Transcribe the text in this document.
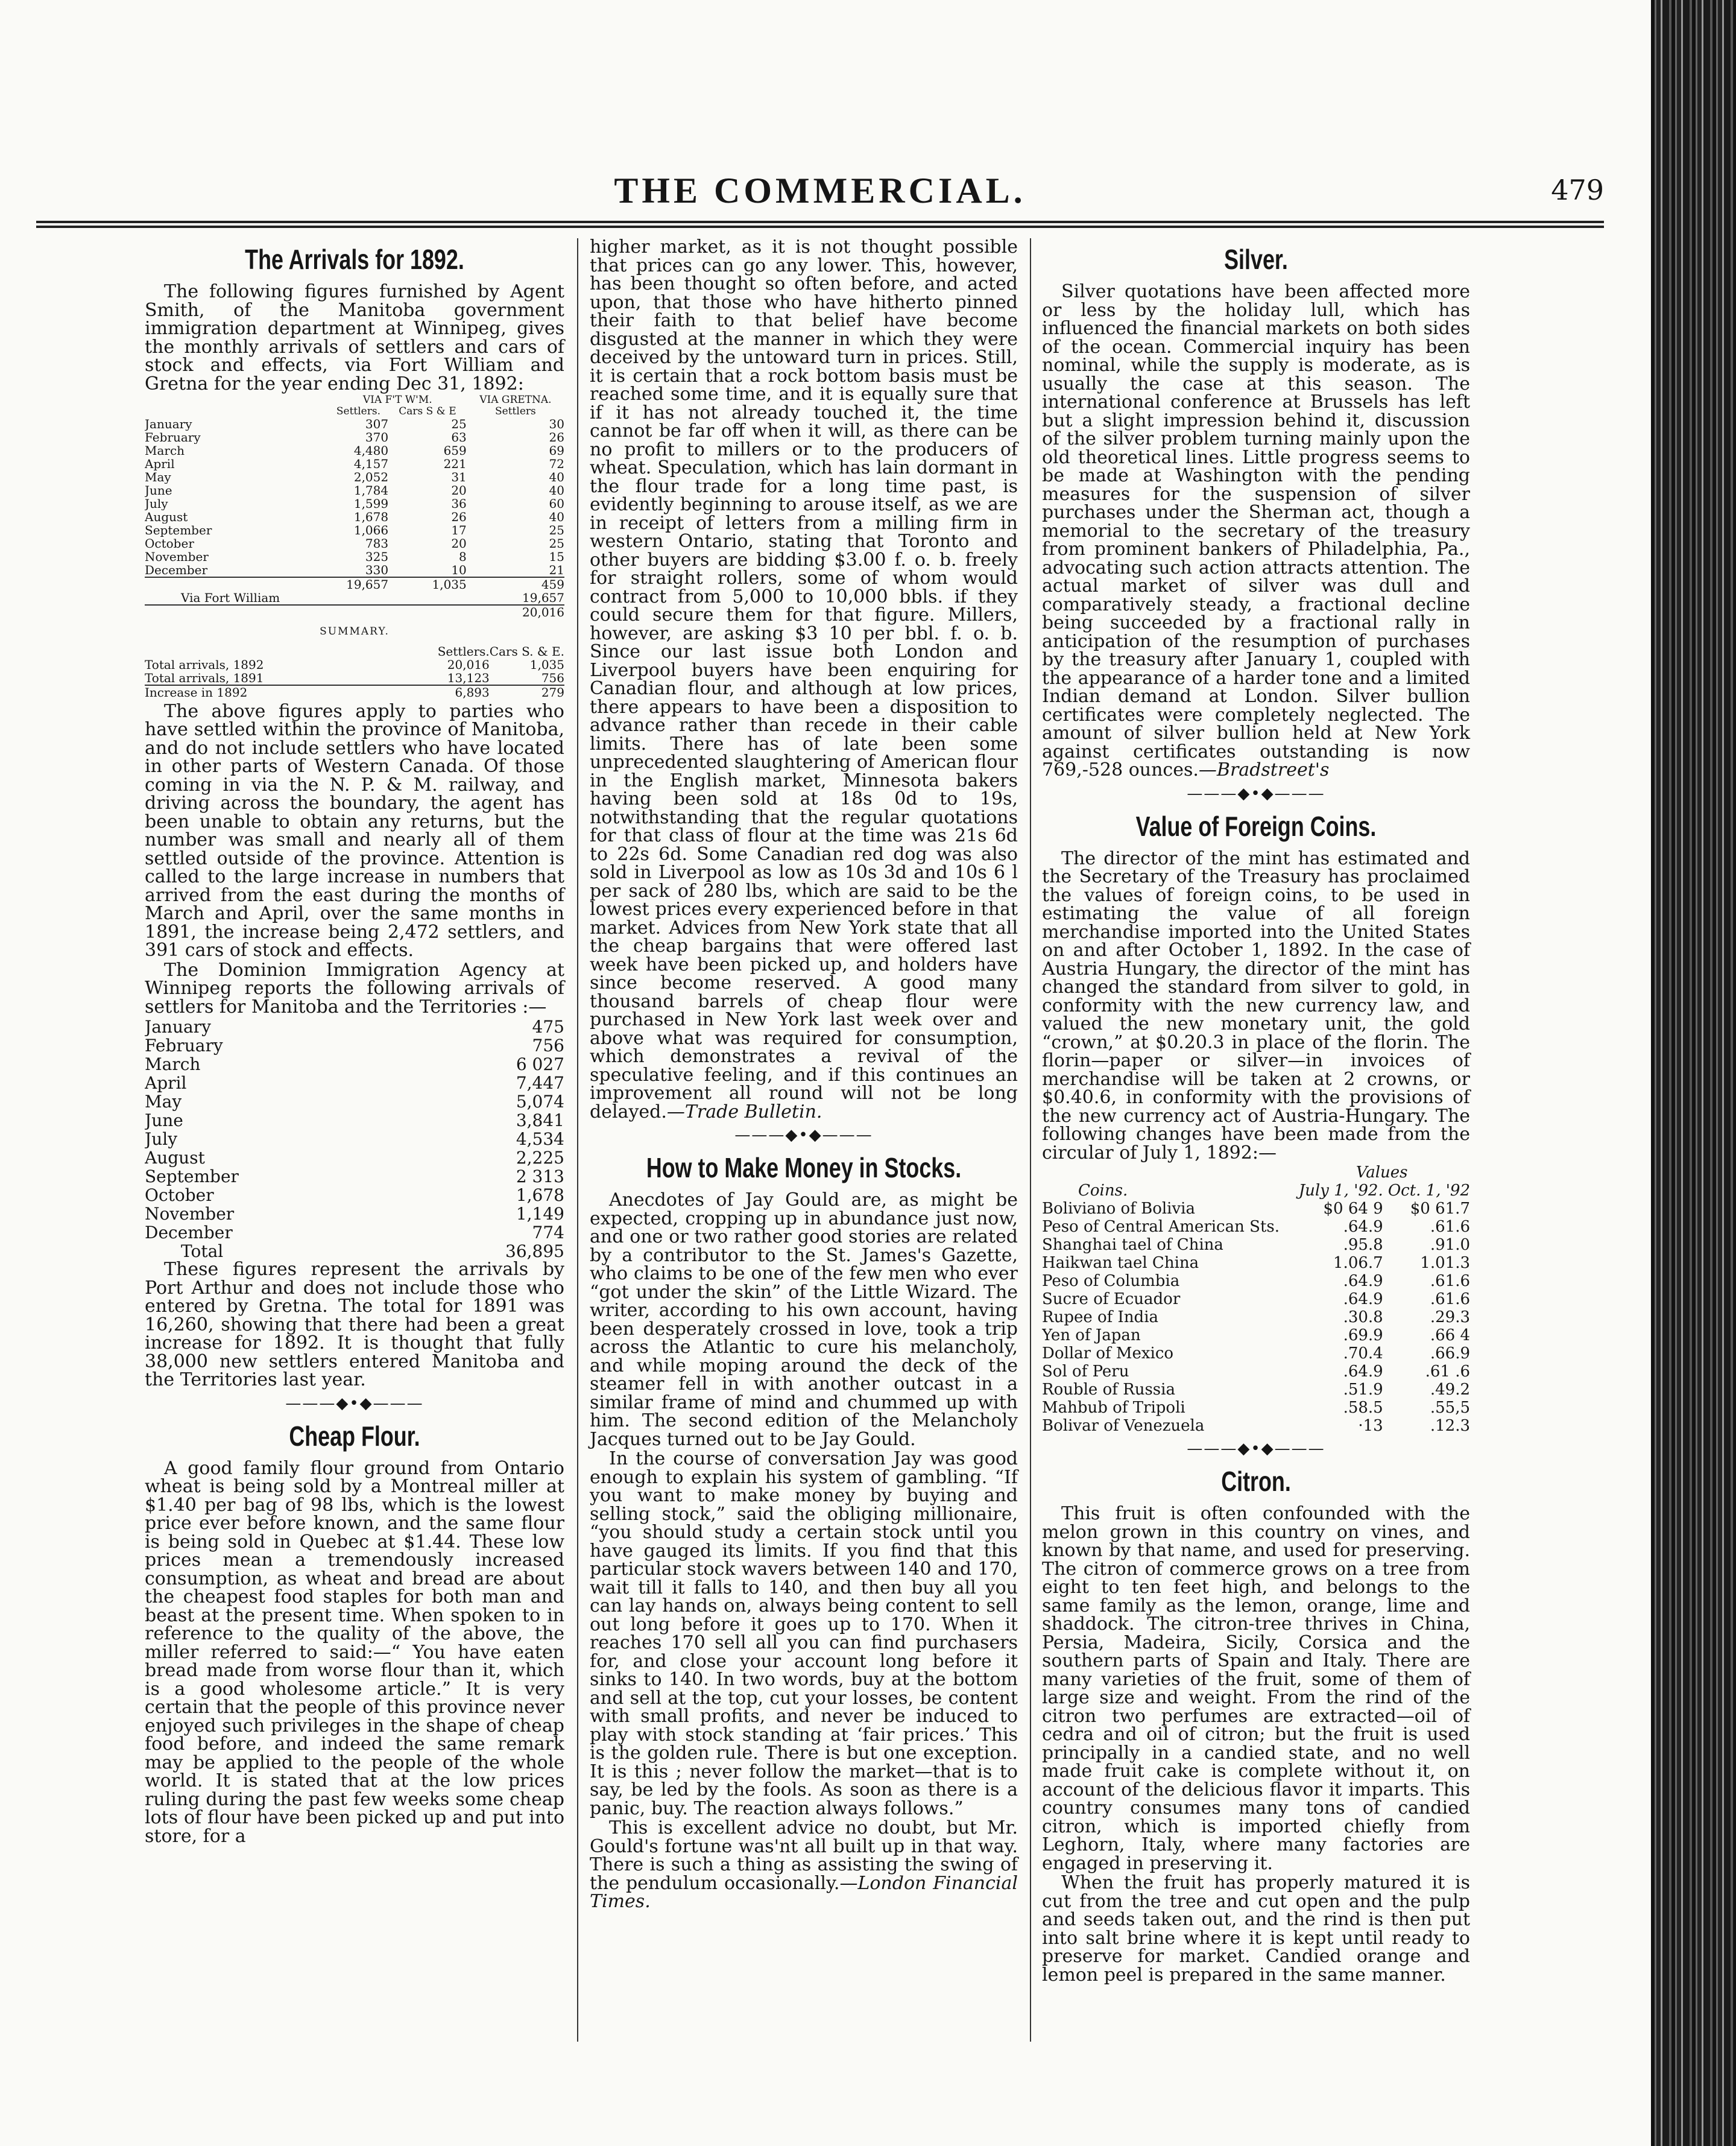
THE COMMERCIAL.	479
The Arrivals for 1892.

The following figures furnished by Agent Smith, of the Manitoba government immigration department at Winnipeg, gives the monthly arrivals of settlers and cars of stock and effects, via Fort William and Gretna for the year ending Dec 31, 1892:

	VIA F'T W'M.		VIA GRETNA.
	Settlers.	Cars S & E	Settlers
January	307	25	30
February	370	63	26
March	4,480	659	69
April	4,157	221	72
May	2,052	31	40
June	1,784	20	40
July	1,599	36	60
August	1,678	26	40
September	1,066	17	25
October	783	20	25
November	325	8	15
December	330	10	21
	19,657	1,035	459
Via Fort William			19,657
			20,016
SUMMARY.
	Settlers.	Cars S. & E.
Total arrivals, 1892	20,016	1,035
Total arrivals, 1891	13,123	756
Increase in 1892	6,893	279

The above figures apply to parties who have settled within the province of Manitoba, and do not include settlers who have located in other parts of Western Canada. Of those coming in via the N. P. & M. railway, and driving across the boundary, the agent has been unable to obtain any returns, but the number was small and nearly all of them settled outside of the province. Attention is called to the large increase in numbers that arrived from the east during the months of March and April, over the same months in 1891, the increase being 2,472 settlers, and 391 cars of stock and effects.

The Dominion Immigration Agency at Winnipeg reports the following arrivals of settlers for Manitoba and the Territories :—

January	475
February	756
March	6 027
April	7,447
May	5,074
June	3,841
July	4,534
August	2,225
September	2 313
October	1,678
November	1,149
December	774
Total	36,895

These figures represent the arrivals by Port Arthur and does not include those who entered by Gretna. The total for 1891 was 16,260, showing that there had been a great increase for 1892. It is thought that fully 38,000 new settlers entered Manitoba and the Territories last year.

———◆•◆———
Cheap Flour.

A good family flour ground from Ontario wheat is being sold by a Montreal miller at $1.40 per bag of 98 lbs, which is the lowest price ever before known, and the same flour is being sold in Quebec at $1.44. These low prices mean a tremendously increased consumption, as wheat and bread are about the cheapest food staples for both man and beast at the present time. When spoken to in reference to the quality of the above, the miller referred to said:—“ You have eaten bread made from worse flour than it, which is a good wholesome article.” It is very certain that the people of this province never enjoyed such privileges in the shape of cheap food before, and indeed the same remark may be applied to the people of the whole world. It is stated that at the low prices ruling during the past few weeks some cheap lots of flour have been picked up and put into store, for a

higher market, as it is not thought possible that prices can go any lower. This, however, has been thought so often before, and acted upon, that those who have hitherto pinned their faith to that belief have become disgusted at the manner in which they were deceived by the untoward turn in prices. Still, it is certain that a rock bottom basis must be reached some time, and it is equally sure that if it has not already touched it, the time cannot be far off when it will, as there can be no profit to millers or to the producers of wheat. Speculation, which has lain dormant in the flour trade for a long time past, is evidently beginning to arouse itself, as we are in receipt of letters from a milling firm in western Ontario, stating that Toronto and other buyers are bidding $3.00 f. o. b. freely for straight rollers, some of whom would contract from 5,000 to 10,000 bbls. if they could secure them for that figure. Millers, however, are asking $3 10 per bbl. f. o. b. Since our last issue both London and Liverpool buyers have been enquiring for Canadian flour, and although at low prices, there appears to have been a disposition to advance rather than recede in their cable limits. There has of late been some unprecedented slaughtering of American flour in the English market, Minnesota bakers having been sold at 18s 0d to 19s, notwithstanding that the regular quotations for that class of flour at the time was 21s 6d to 22s 6d. Some Canadian red dog was also sold in Liverpool as low as 10s 3d and 10s 6 l per sack of 280 lbs, which are said to be the lowest prices every experienced before in that market. Advices from New York state that all the cheap bargains that were offered last week have been picked up, and holders have since become reserved. A good many thousand barrels of cheap flour were purchased in New York last week over and above what was required for consumption, which demonstrates a revival of the speculative feeling, and if this continues an improvement all round will not be long delayed.—Trade Bulletin.

———◆•◆———
How to Make Money in Stocks.

Anecdotes of Jay Gould are, as might be expected, cropping up in abundance just now, and one or two rather good stories are related by a contributor to the St. James's Gazette, who claims to be one of the few men who ever “got under the skin” of the Little Wizard. The writer, according to his own account, having been desperately crossed in love, took a trip across the Atlantic to cure his melancholy, and while moping around the deck of the steamer fell in with another outcast in a similar frame of mind and chummed up with him. The second edition of the Melancholy Jacques turned out to be Jay Gould.

In the course of conversation Jay was good enough to explain his system of gambling. “If you want to make money by buying and selling stock,” said the obliging millionaire, “you should study a certain stock until you have gauged its limits. If you find that this particular stock wavers between 140 and 170, wait till it falls to 140, and then buy all you can lay hands on, always being content to sell out long before it goes up to 170. When it reaches 170 sell all you can find purchasers for, and close your account long before it sinks to 140. In two words, buy at the bottom and sell at the top, cut your losses, be content with small profits, and never be induced to play with stock standing at ‘fair prices.’ This is the golden rule. There is but one exception. It is this ; never follow the market—that is to say, be led by the fools. As soon as there is a panic, buy. The reaction always follows.”

This is excellent advice no doubt, but Mr. Gould's fortune was'nt all built up in that way. There is such a thing as assisting the swing of the pendulum occasionally.—London Financial Times.

Silver.

Silver quotations have been affected more or less by the holiday lull, which has influenced the financial markets on both sides of the ocean. Commercial inquiry has been nominal, while the supply is moderate, as is usually the case at this season. The international conference at Brussels has left but a slight impression behind it, discussion of the silver problem turning mainly upon the old theoretical lines. Little progress seems to be made at Washington with the pending measures for the suspension of silver purchases under the Sherman act, though a memorial to the secretary of the treasury from prominent bankers of Philadelphia, Pa., advocating such action attracts attention. The actual market of silver was dull and comparatively steady, a fractional decline being succeeded by a fractional rally in anticipation of the resumption of purchases by the treasury after January 1, coupled with the appearance of a harder tone and a limited Indian demand at London. Silver bullion certificates were completely neglected. The amount of silver bullion held at New York against certificates outstanding is now 769,-528 ounces.—Bradstreet's

———◆•◆———
Value of Foreign Coins.

The director of the mint has estimated and the Secretary of the Treasury has proclaimed the values of foreign coins, to be used in estimating the value of all foreign merchandise imported into the United States on and after October 1, 1892. In the case of Austria Hungary, the director of the mint has changed the standard from silver to gold, in conformity with the new currency law, and valued the new monetary unit, the gold “crown,” at $0.20.3 in place of the florin. The florin—paper or silver—in invoices of merchandise will be taken at 2 crowns, or $0.40.6, in conformity with the provisions of the new currency act of Austria-Hungary. The following changes have been made from the circular of July 1, 1892:—

	Values	
Coins.	July 1, '92.	Oct. 1, '92
Boliviano of Bolivia	$0 64 9	$0 61.7
Peso of Central American Sts.	.64.9	.61.6
Shanghai tael of China	.95.8	.91.0
Haikwan tael China	1.06.7	1.01.3
Peso of Columbia	.64.9	.61.6
Sucre of Ecuador	.64.9	.61.6
Rupee of India	.30.8	.29.3
Yen of Japan	.69.9	.66 4
Dollar of Mexico	.70.4	.66.9
Sol of Peru	.64.9	.61 .6
Rouble of Russia	.51.9	.49.2
Mahbub of Tripoli	.58.5	.55,5
Bolivar of Venezuela	·13	.12.3
———◆•◆———
Citron.

This fruit is often confounded with the melon grown in this country on vines, and known by that name, and used for preserving. The citron of commerce grows on a tree from eight to ten feet high, and belongs to the same family as the lemon, orange, lime and shaddock. The citron-tree thrives in China, Persia, Madeira, Sicily, Corsica and the southern parts of Spain and Italy. There are many varieties of the fruit, some of them of large size and weight. From the rind of the citron two perfumes are extracted—oil of cedra and oil of citron; but the fruit is used principally in a candied state, and no well made fruit cake is complete without it, on account of the delicious flavor it imparts. This country consumes many tons of candied citron, which is imported chiefly from Leghorn, Italy, where many factories are engaged in preserving it.

When the fruit has properly matured it is cut from the tree and cut open and the pulp and seeds taken out, and the rind is then put into salt brine where it is kept until ready to preserve for market. Candied orange and lemon peel is prepared in the same manner.
